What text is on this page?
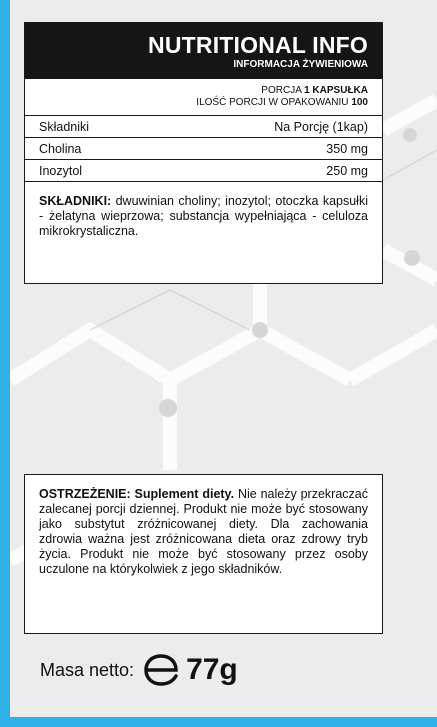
NUTRITIONAL INFO
INFORMACJA ŻYWIENIOWA
PORCJA 1 KAPSUŁKA
ILOŚĆ PORCJI W OPAKOWANIU 100
Składniki	Na Porcję (1kap)
Cholina	350 mg
Inozytol	250 mg
SKŁADNIKI: dwuwinian choliny; inozytol; otoczka kapsułki - żelatyna wieprzowa; substancja wypełniająca - celuloza mikrokrystaliczna.
OSTRZEŻENIE: Suplement diety. Nie należy przekraczać zalecanej porcji dziennej. Produkt nie może być stosowany jako substytut zróżnicowanej diety. Dla zachowania zdrowia ważna jest zróżnicowana dieta oraz zdrowy tryb życia. Produkt nie może być stosowany przez osoby uczulone na którykolwiek z jego składników.
Masa netto: 77g
